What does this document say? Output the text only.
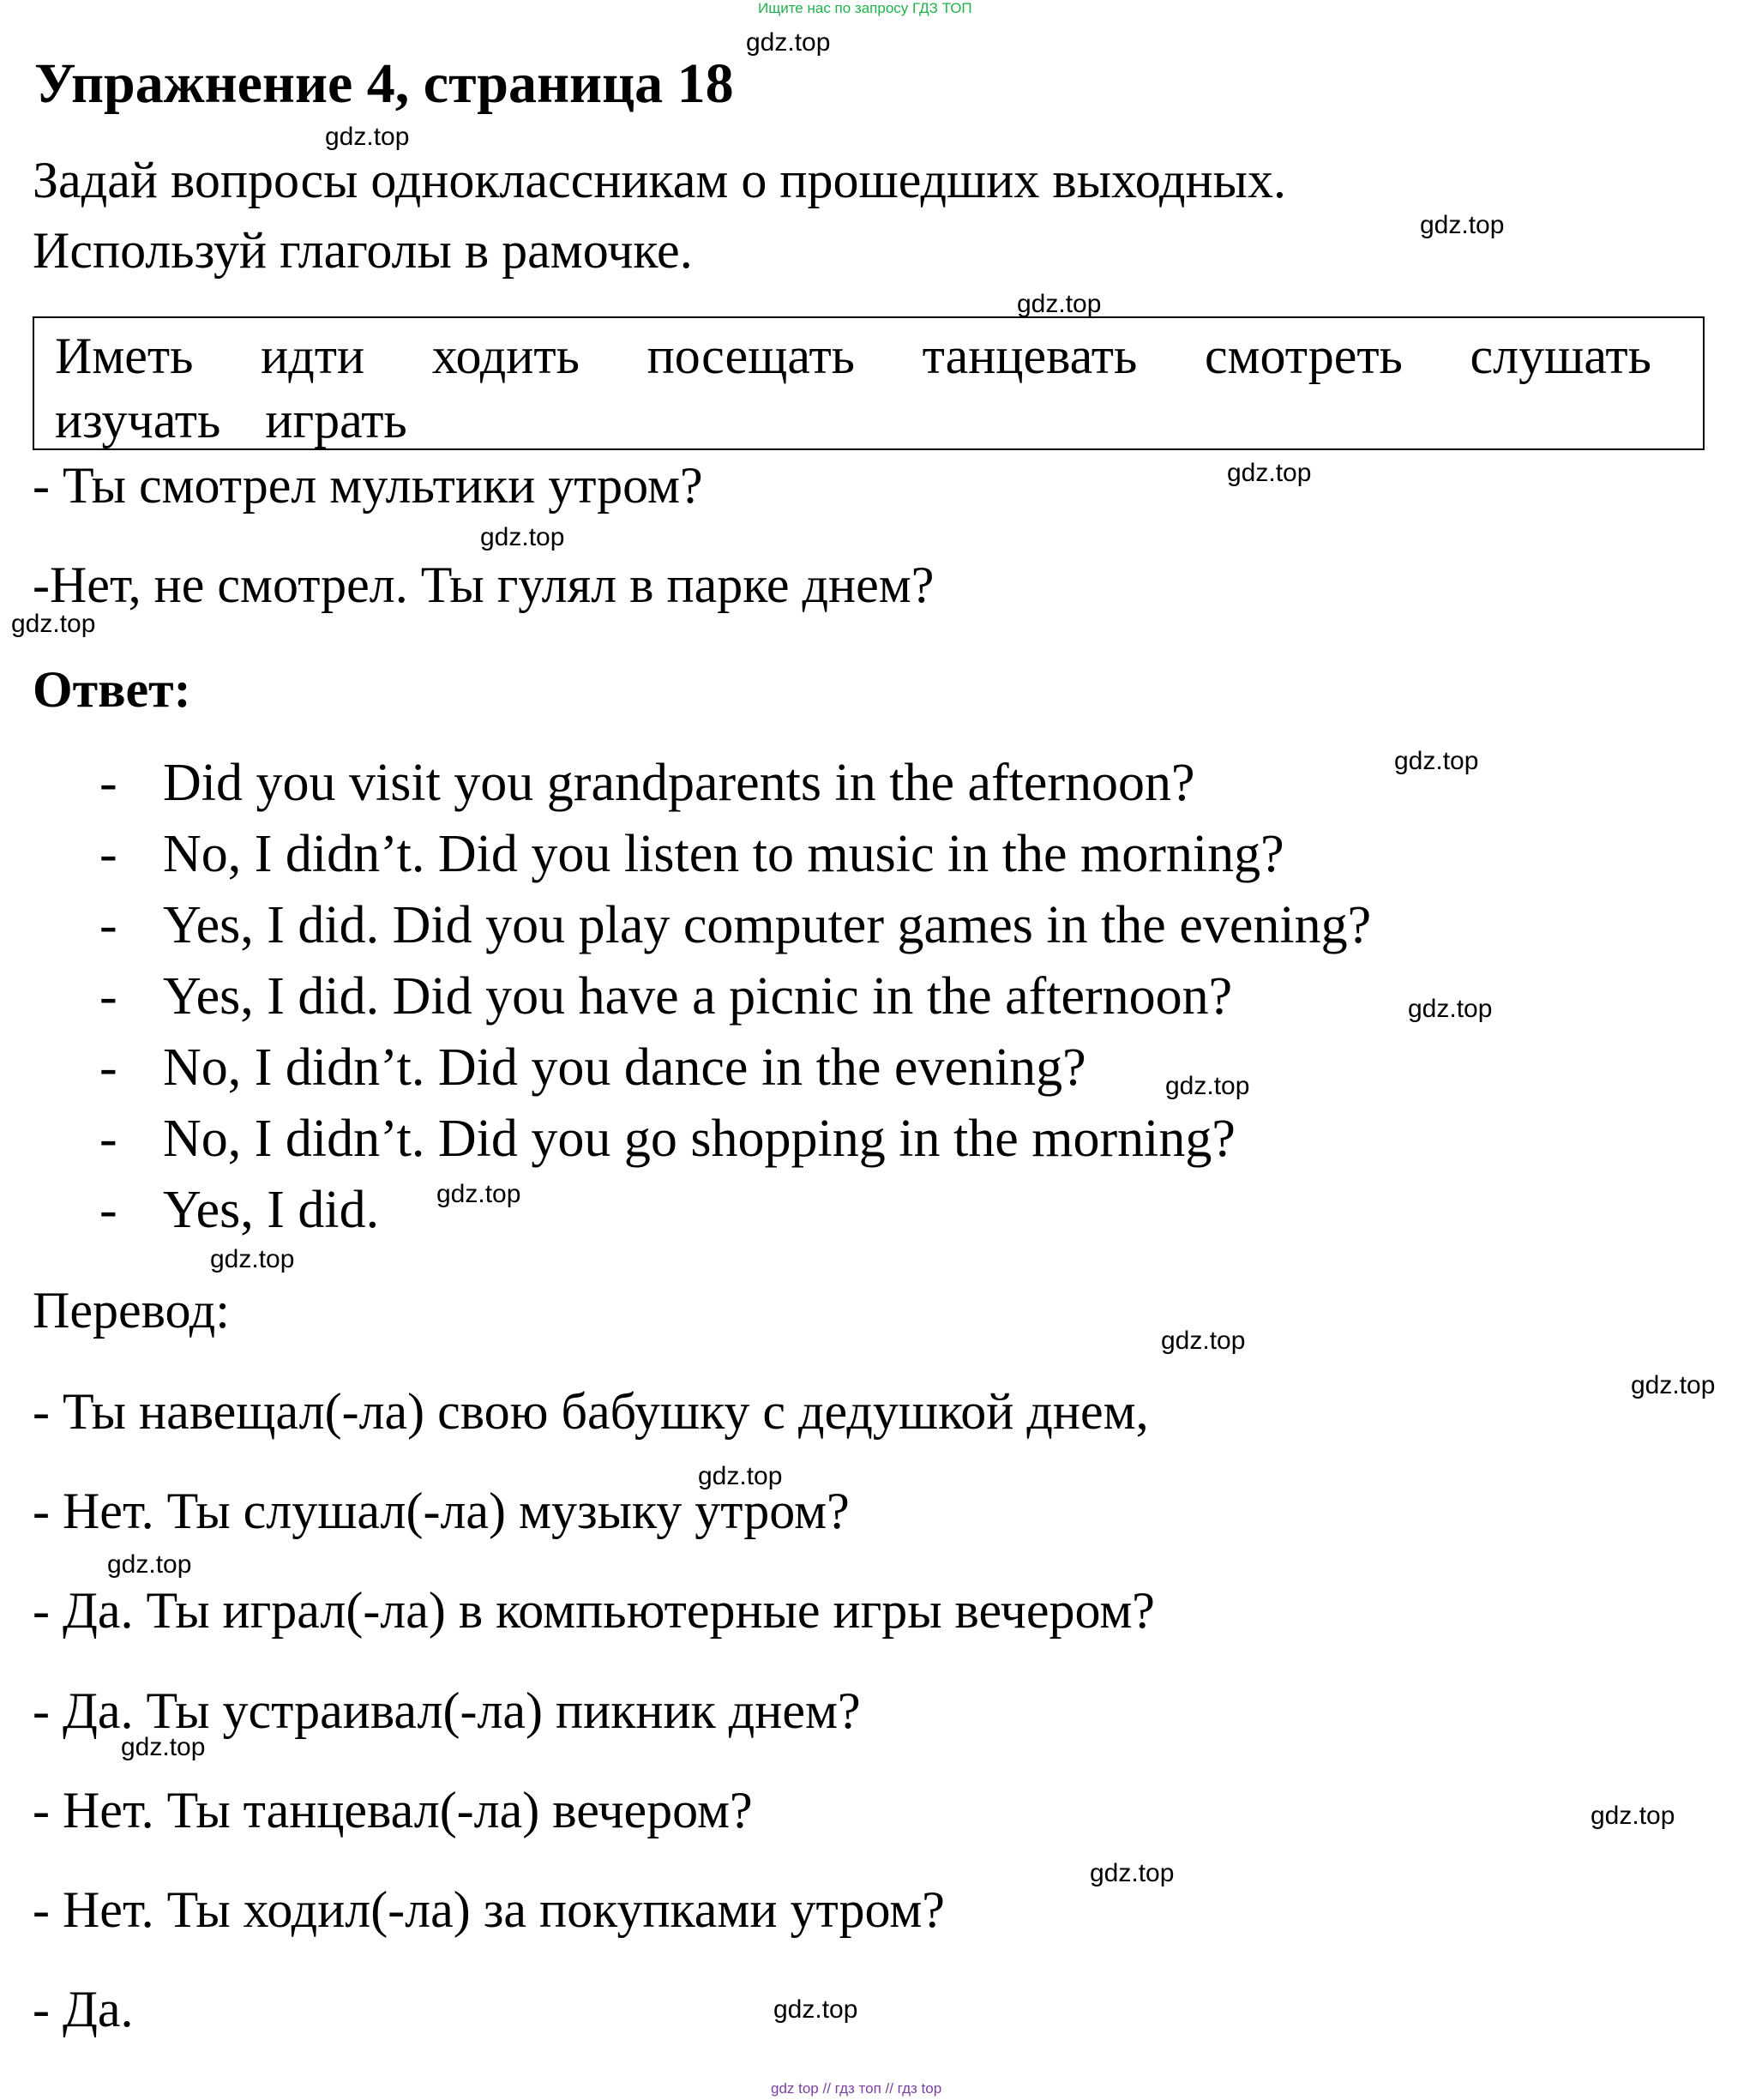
Ищите нас по запросу ГДЗ ТОП
Упражнение 4, страница 18
Задай вопросы одноклассникам о прошедших выходных.
Используй глаголы в рамочке.
Иметь идти ходить посещать танцевать смотреть слушать
изучать играть
- Ты смотрел мультики утром?
-Нет, не смотрел. Ты гулял в парке днем?
Ответ:
- Did you visit you grandparents in the afternoon?
- No, I didn’t. Did you listen to music in the morning?
- Yes, I did. Did you play computer games in the evening?
- Yes, I did. Did you have a picnic in the afternoon?
- No, I didn’t. Did you dance in the evening?
- No, I didn’t. Did you go shopping in the morning?
- Yes, I did.
Перевод:
- Ты навещал(-ла) свою бабушку с дедушкой днем,
- Нет. Ты слушал(-ла) музыку утром?
- Да. Ты играл(-ла) в компьютерные игры вечером?
- Да. Ты устраивал(-ла) пикник днем?
- Нет. Ты танцевал(-ла) вечером?
- Нет. Ты ходил(-ла) за покупками утром?
- Да.
gdz.top
gdz.top
gdz.top
gdz.top
gdz.top
gdz.top
gdz.top
gdz.top
gdz.top
gdz.top
gdz.top
gdz.top
gdz.top
gdz.top
gdz.top
gdz.top
gdz.top
gdz.top
gdz.top
gdz.top
gdz top // гдз топ // гдз top
